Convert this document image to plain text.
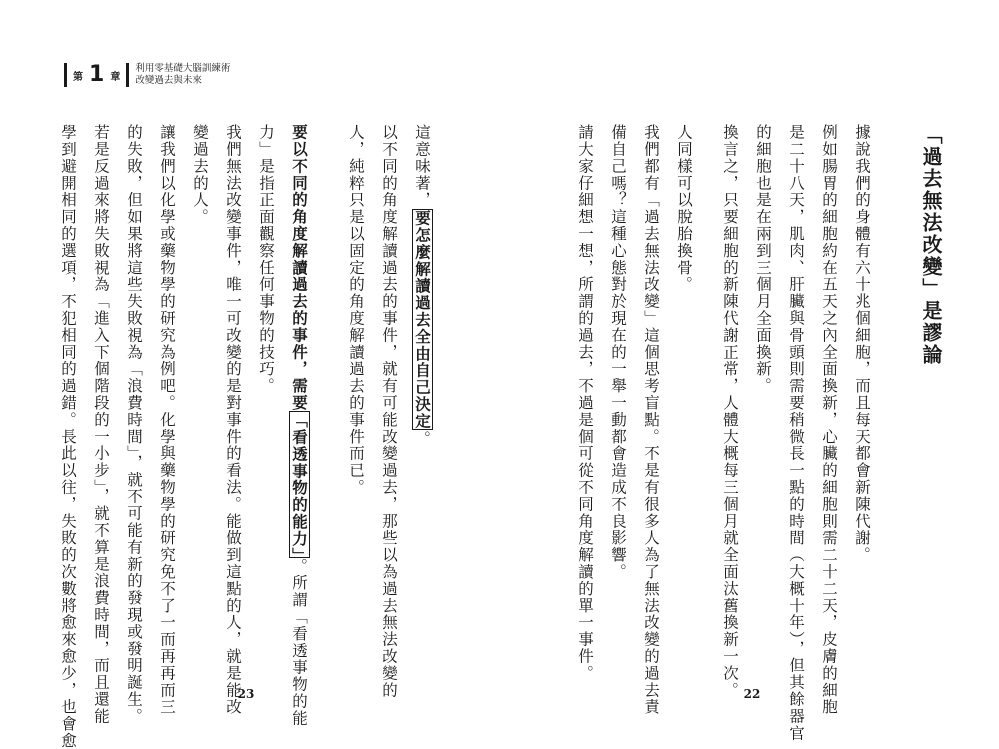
第 1 章
利用零基礎大腦訓練術
改變過去與未來
「過去無法改變」是謬論
據說我們的身體有六十兆個細胞，而且每天都會新陳代謝。
例如腸胃的細胞約在五天之內全面換新，心臟的細胞則需二十二天，皮膚的細胞
是二十八天，肌肉、肝臟與骨頭則需要稍微長一點的時間（大概十年），但其餘器官
的細胞也是在兩到三個月全面換新。
換言之，只要細胞的新陳代謝正常，人體大概每三個月就全面汰舊換新一次。
人同樣可以脫胎換骨。
我們都有「過去無法改變」這個思考盲點。不是有很多人為了無法改變的過去責
備自己嗎？這種心態對於現在的一舉一動都會造成不良影響。
請大家仔細想一想，所謂的過去，不過是個可從不同角度解讀的單一事件。
這意味著，要怎麼解讀過去全由自己決定。
以不同的角度解讀過去的事件，就有可能改變過去，那些以為過去無法改變的
人，純粹只是以固定的角度解讀過去的事件而已。
要以不同的角度解讀過去的事件，需要「看透事物的能力」。所謂「看透事物的能
力」是指正面觀察任何事物的技巧。
我們無法改變事件，唯一可改變的是對事件的看法。能做到這點的人，就是能改
變過去的人。
讓我們以化學或藥物學的研究為例吧。化學與藥物學的研究免不了一而再再而三
的失敗，但如果將這些失敗視為「浪費時間」，就不可能有新的發現或發明誕生。
若是反過來將失敗視為「進入下個階段的一小步」，就不算是浪費時間，而且還能
學到避開相同的選項，不犯相同的過錯。長此以往，失敗的次數將愈來愈少，也會愈	23	22
